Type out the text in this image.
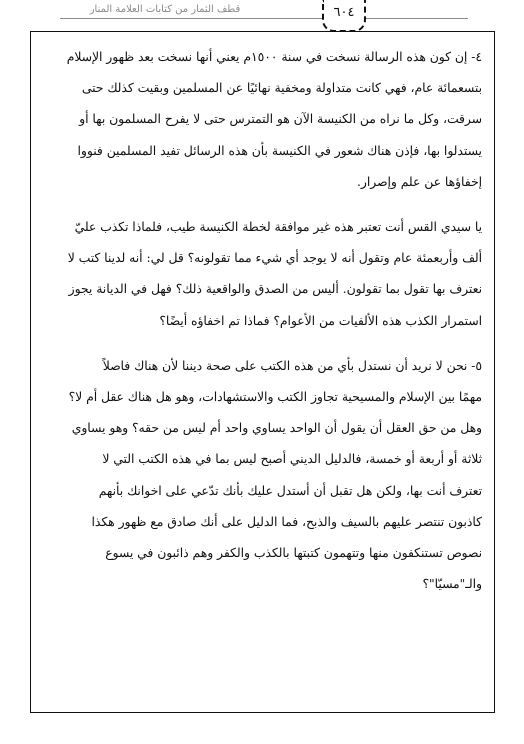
قطف الثمار من كتابات العلامة المنار	٦٠٤

٤- إن كون هذه الرسالة نسخت في سنة ١٥٠٠م يعني أنها نسخت بعد ظهور الإسلام
بتسعمائة عام، فهي كانت متداولة ومخفية نهائيًا عن المسلمين وبقيت كذلك حتى
سرقت، وكل ما نراه من الكنيسة الآن هو التمترس حتى لا يفرح المسلمون بها أو
يستدلوا بها، فإذن هناك شعور في الكنيسة بأن هذه الرسائل تفيد المسلمين فنووا
إخفاؤها عن علم وإصرار.

يا سيدي القس أنت تعتبر هذه غير موافقة لخطة الكنيسة طيب، فلماذا تكذب عليّ
ألف وأربعمئة عام وتقول أنه لا يوجد أي شيء مما تقولونه؟ قل لي: أنه لدينا كتب لا
نعترف بها تقول بما تقولون. أليس من الصدق والواقعية ذلك؟ فهل في الديانة يجوز
استمرار الكذب هذه الألفيات من الأعوام؟ فماذا تم اخفاؤه أيضًا؟

٥- نحن لا نريد أن نستدل بأي من هذه الكتب على صحة ديننا لأن هناك فاصلاً
مهمًا بين الإسلام والمسيحية تجاوز الكتب والاستشهادات، وهو هل هناك عقل أم لا؟
وهل من حق العقل أن يقول أن الواحد يساوي واحد أم ليس من حقه؟ وهو يساوي
ثلاثة أو أربعة أو خمسة، فالدليل الديني أصبح ليس بما في هذه الكتب التي لا
تعترف أنت بها، ولكن هل تقبل أن أستدل عليك بأنك تدّعي على اخوانك بأنهم
كاذبون تنتصر عليهم بالسيف والذبح، فما الدليل على أنك صادق مع ظهور هكذا
نصوص تستنكفون منها وتتهمون كتبتها بالكذب والكفر وهم ذائبون في يسوع
والـ"مسيّا"؟
